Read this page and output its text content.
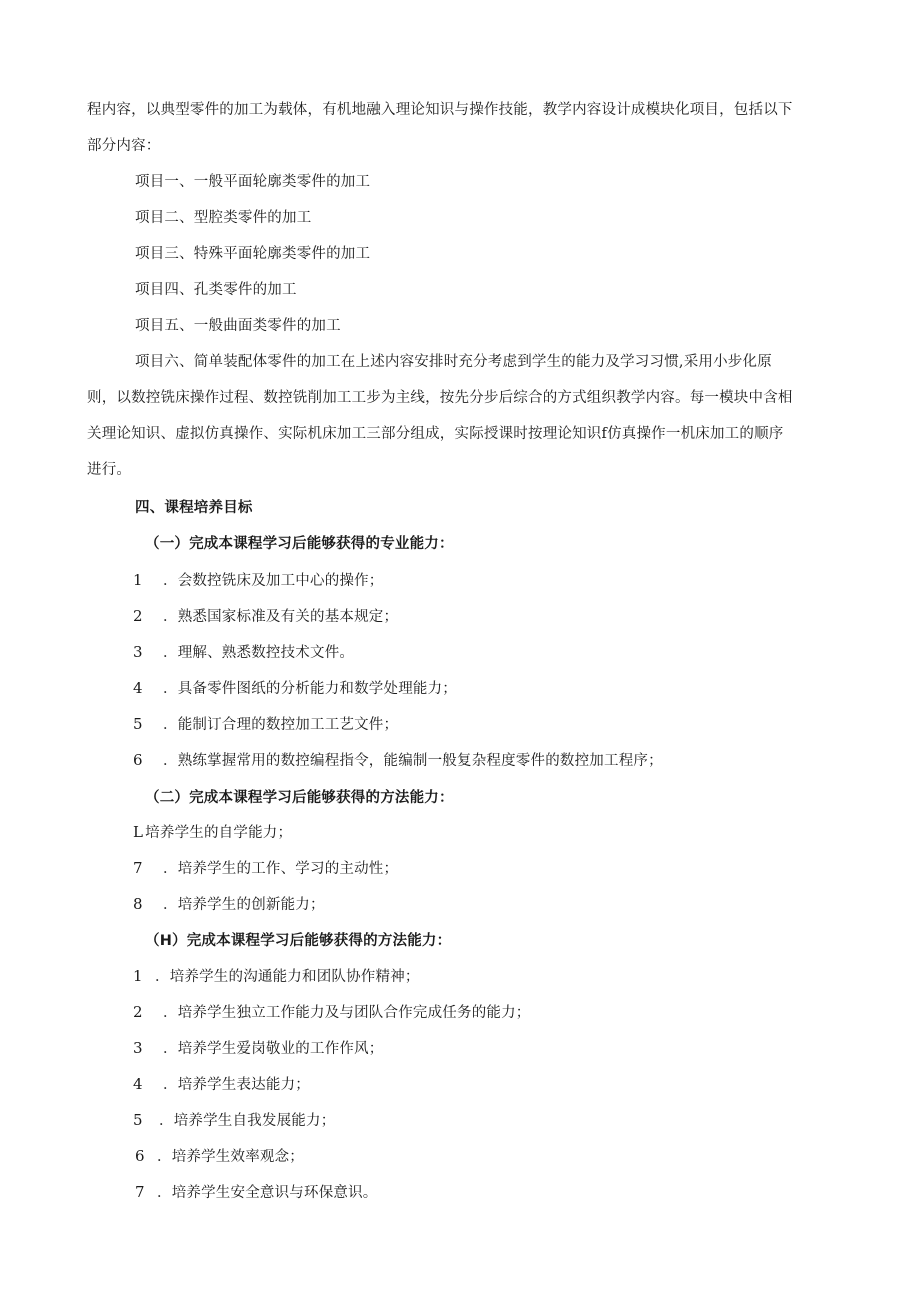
程内容，以典型零件的加工为载体，有机地融入理论知识与操作技能，教学内容设计成模块化项目，包括以下
部分内容：
项目一、一般平面轮廓类零件的加工
项目二、型腔类零件的加工
项目三、特殊平面轮廓类零件的加工
项目四、孔类零件的加工
项目五、一般曲面类零件的加工
项目六、简单装配体零件的加工在上述内容安排时充分考虑到学生的能力及学习习惯,采用小步化原
则，以数控铣床操作过程、数控铣削加工工步为主线，按先分步后综合的方式组织教学内容。每一模块中含相
关理论知识、虚拟仿真操作、实际机床加工三部分组成，实际授课时按理论知识f仿真操作一机床加工的顺序
进行。
四、课程培养目标
（一）完成本课程学习后能够获得的专业能力：
1 ．会数控铣床及加工中心的操作；
2 ．熟悉国家标准及有关的基本规定；
3 ．理解、熟悉数控技术文件。
4 ．具备零件图纸的分析能力和数学处理能力；
5 ．能制订合理的数控加工工艺文件；
6 ．熟练掌握常用的数控编程指令，能编制一般复杂程度零件的数控加工程序；
（二）完成本课程学习后能够获得的方法能力：
L 培养学生的自学能力；
7 ．培养学生的工作、学习的主动性；
8 ．培养学生的创新能力；
（H）完成本课程学习后能够获得的方法能力：
1 ．培养学生的沟通能力和团队协作精神；
2 ．培养学生独立工作能力及与团队合作完成任务的能力；
3 ．培养学生爱岗敬业的工作作风；
4 ．培养学生表达能力；
5 ．培养学生自我发展能力；
6 ．培养学生效率观念；
7 ．培养学生安全意识与环保意识。
